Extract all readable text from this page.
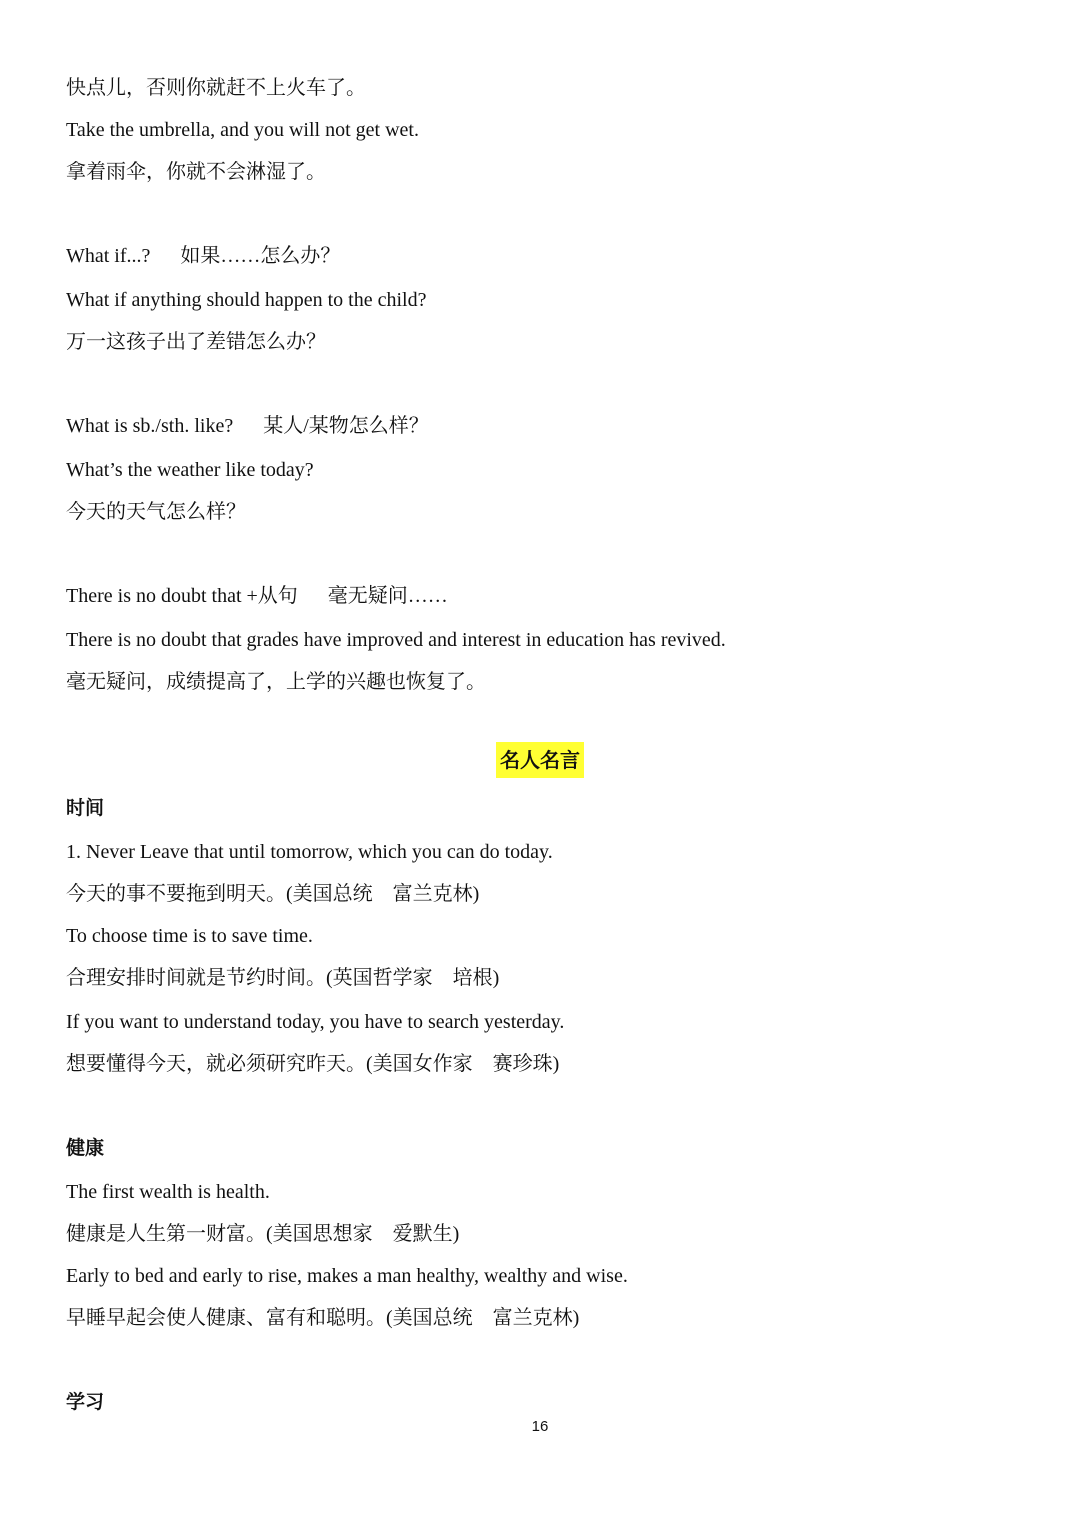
快点儿，否则你就赶不上火车了。
Take the umbrella, and you will not get wet.
拿着雨伞，你就不会淋湿了。
What if...? 如果……怎么办？
What if anything should happen to the child?
万一这孩子出了差错怎么办？
What is sb./sth. like? 某人/某物怎么样？
What’s the weather like today?
今天的天气怎么样？
There is no doubt that +从句 毫无疑问……
There is no doubt that grades have improved and interest in education has revived.
毫无疑问，成绩提高了，上学的兴趣也恢复了。
名人名言
时间
1. Never Leave that until tomorrow, which you can do today.
今天的事不要拖到明天。(美国总统　富兰克林)
To choose time is to save time.
合理安排时间就是节约时间。(英国哲学家　培根)
If you want to understand today, you have to search yesterday.
想要懂得今天，就必须研究昨天。(美国女作家　赛珍珠)
健康
The first wealth is health.
健康是人生第一财富。(美国思想家　爱默生)
Early to bed and early to rise, makes a man healthy, wealthy and wise.
早睡早起会使人健康、富有和聪明。(美国总统　富兰克林)
学习
16
